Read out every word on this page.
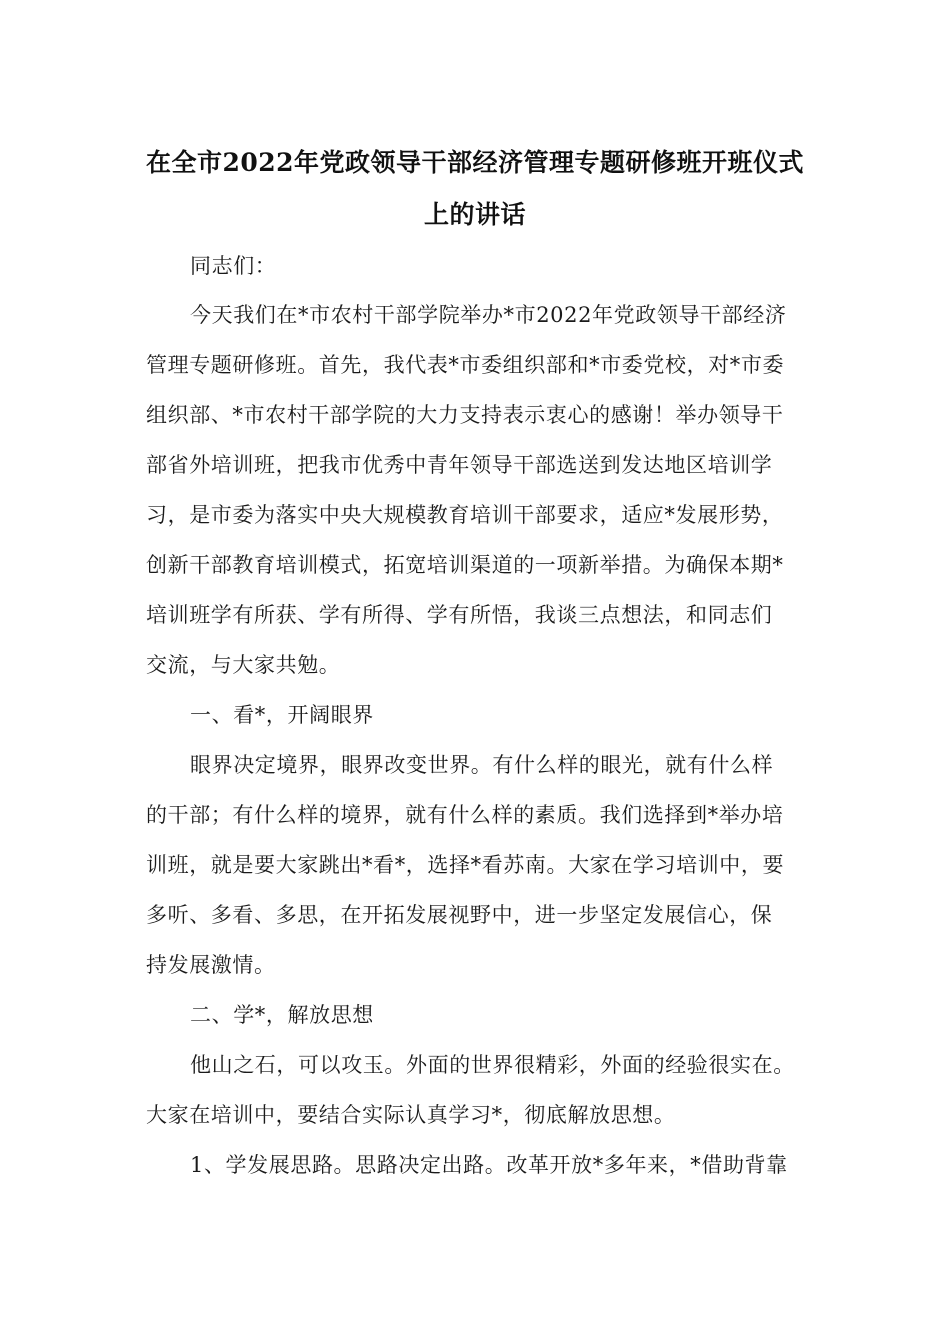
在全市2022年党政领导干部经济管理专题研修班开班仪式
上的讲话
同志们：
今天我们在*市农村干部学院举办*市2022年党政领导干部经济
管理专题研修班。首先，我代表*市委组织部和*市委党校，对*市委
组织部、*市农村干部学院的大力支持表示衷心的感谢！举办领导干
部省外培训班，把我市优秀中青年领导干部选送到发达地区培训学
习，是市委为落实中央大规模教育培训干部要求，适应*发展形势，
创新干部教育培训模式，拓宽培训渠道的一项新举措。为确保本期*
培训班学有所获、学有所得、学有所悟，我谈三点想法，和同志们
交流，与大家共勉。
一、看*，开阔眼界
眼界决定境界，眼界改变世界。有什么样的眼光，就有什么样
的干部；有什么样的境界，就有什么样的素质。我们选择到*举办培
训班，就是要大家跳出*看*，选择*看苏南。大家在学习培训中，要
多听、多看、多思，在开拓发展视野中，进一步坚定发展信心，保
持发展激情。
二、学*，解放思想
他山之石，可以攻玉。外面的世界很精彩，外面的经验很实在。
大家在培训中，要结合实际认真学习*，彻底解放思想。
1、学发展思路。思路决定出路。改革开放*多年来，*借助背靠
